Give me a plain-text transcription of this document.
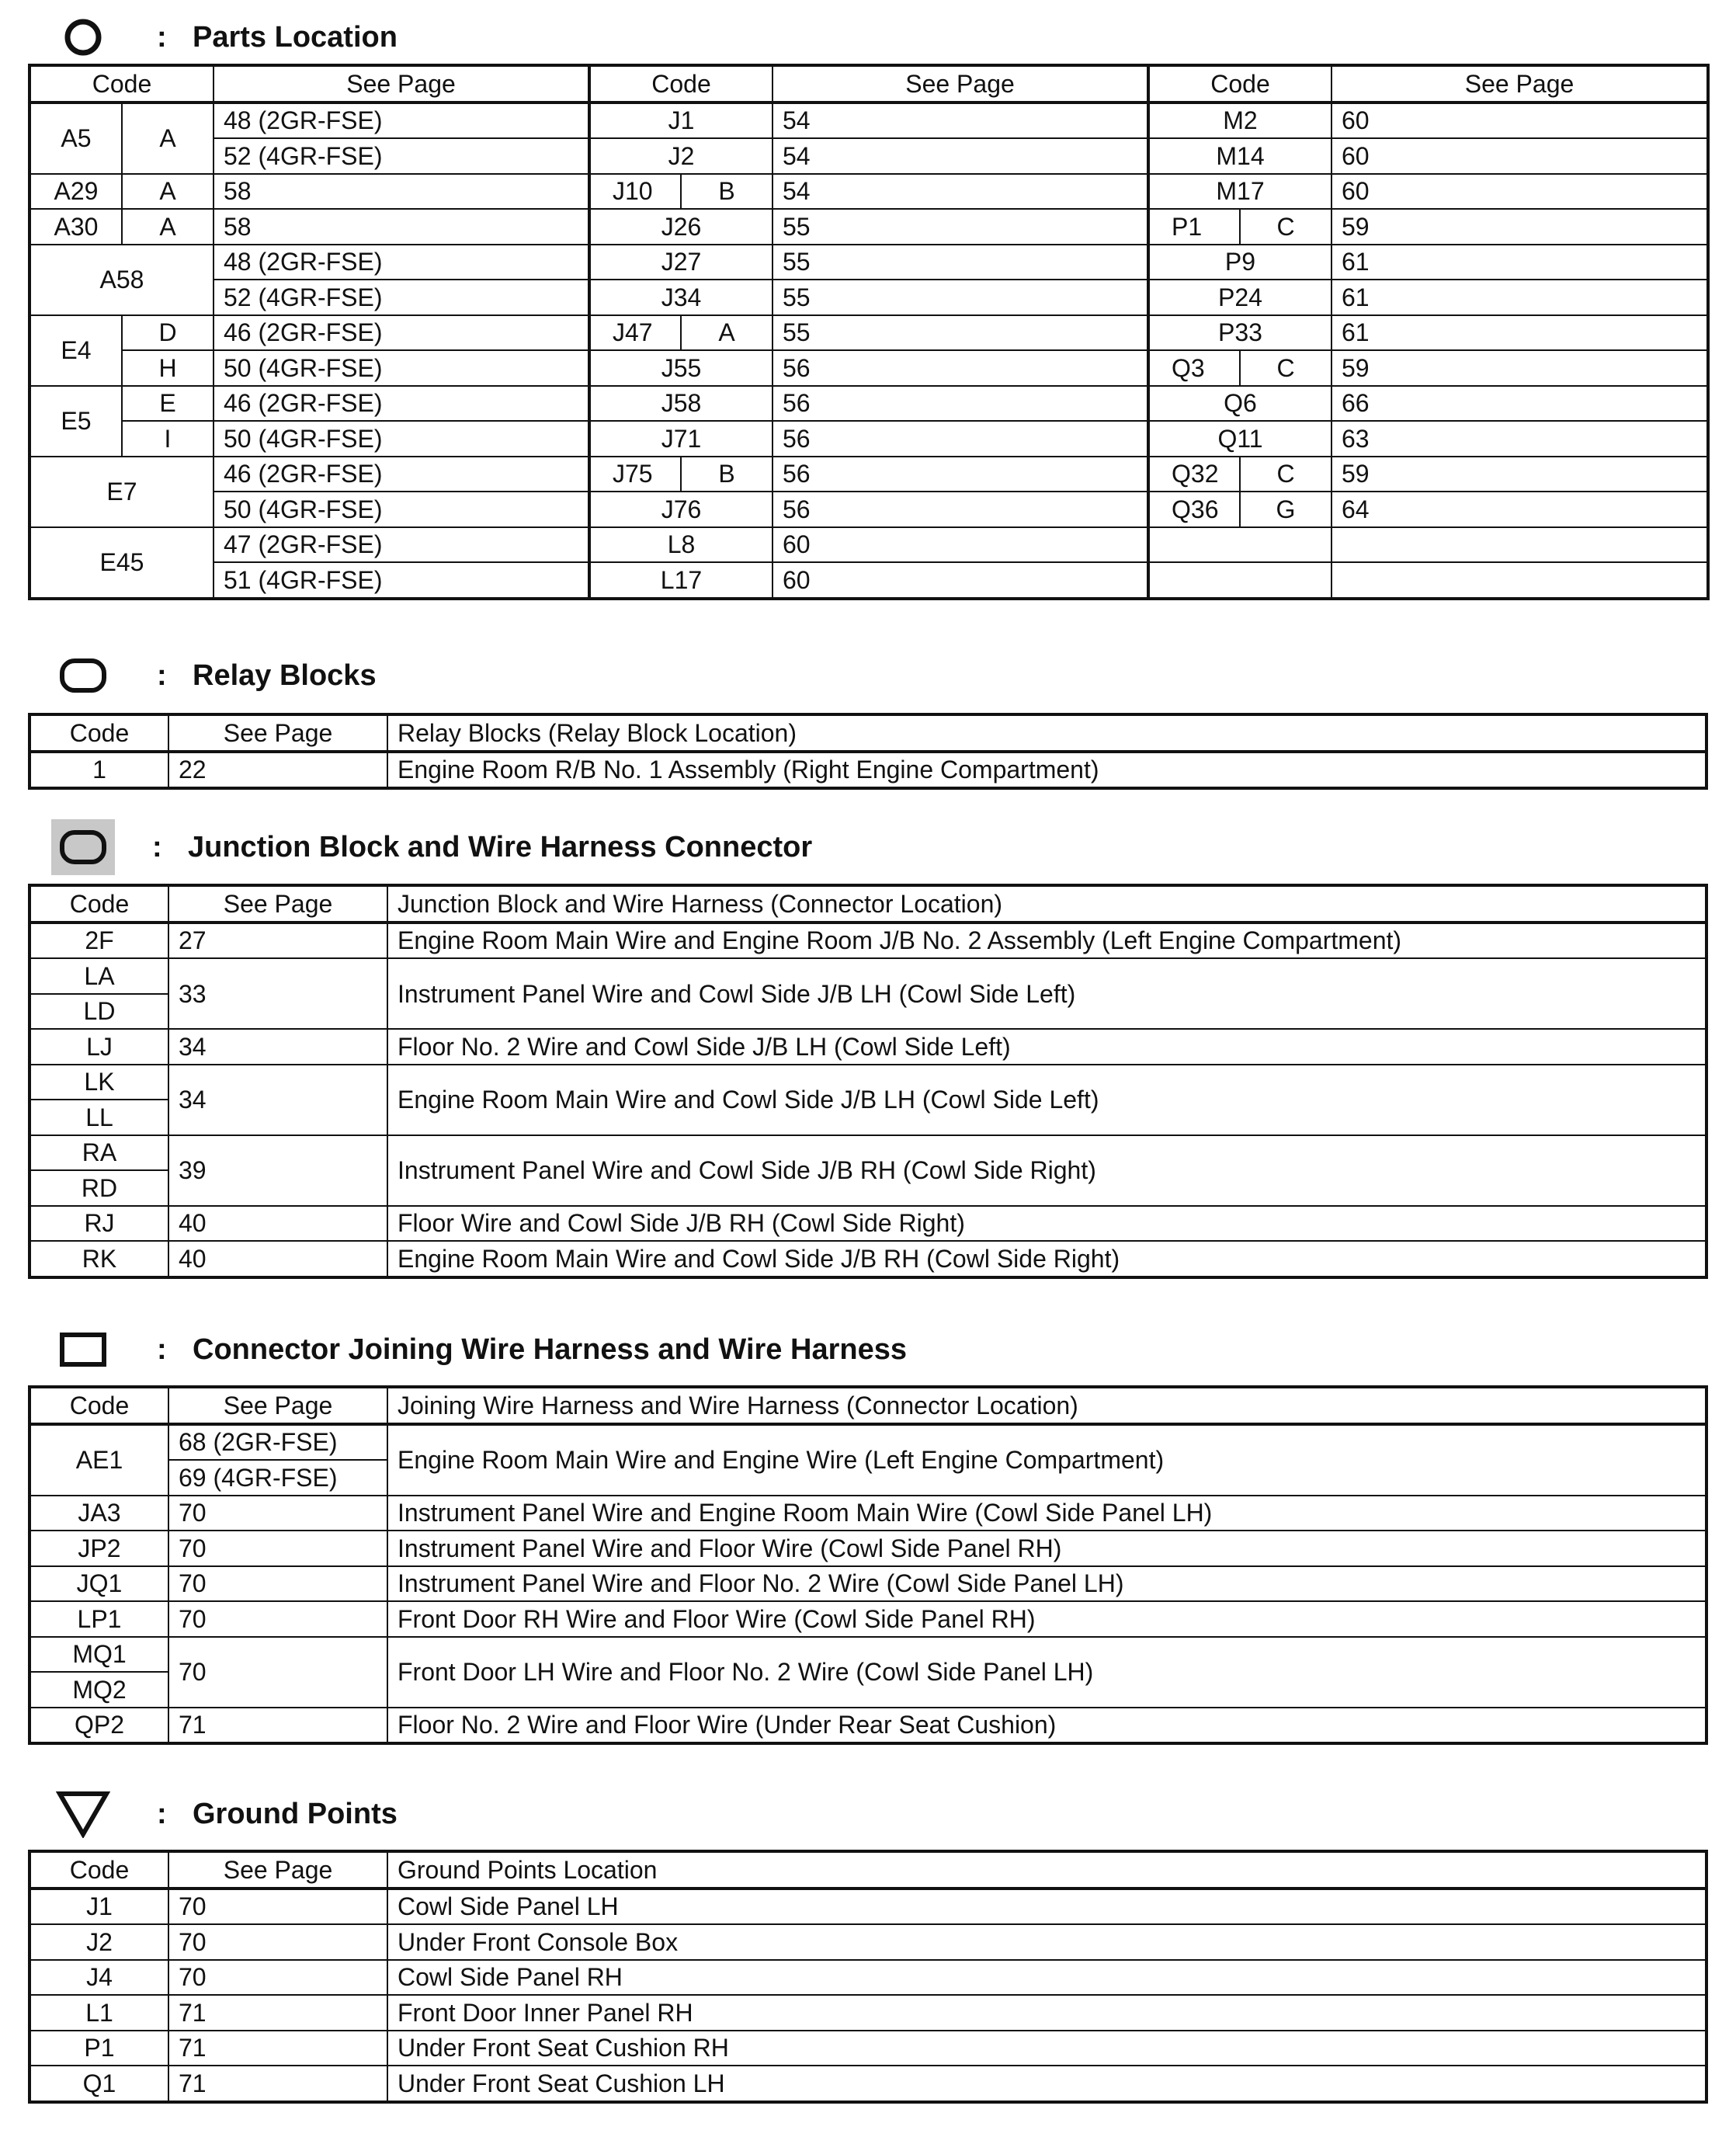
: Parts Location
Code		See Page	Code		See Page	Code		See Page
A5	A	48 (2GR-FSE)	J1		54	M2		60
		52 (4GR-FSE)	J2		54	M14		60
A29	A	58	J10	B	54	M17		60
A30	A	58	J26		55	P1	C	59
A58		48 (2GR-FSE)	J27		55	P9		61
		52 (4GR-FSE)	J34		55	P24		61
E4	D	46 (2GR-FSE)	J47	A	55	P33		61
	H	50 (4GR-FSE)	J55		56	Q3	C	59
E5	E	46 (2GR-FSE)	J58		56	Q6		66
	I	50 (4GR-FSE)	J71		56	Q11		63
E7		46 (2GR-FSE)	J75	B	56	Q32	C	59
		50 (4GR-FSE)	J76		56	Q36	G	64
E45		47 (2GR-FSE)	L8		60			
		51 (4GR-FSE)	L17		60			
: Relay Blocks
Code	See Page	Relay Blocks (Relay Block Location)
1	22	Engine Room R/B No. 1 Assembly (Right Engine Compartment)
: Junction Block and Wire Harness Connector
Code	See Page	Junction Block and Wire Harness (Connector Location)
2F	27	Engine Room Main Wire and Engine Room J/B No. 2 Assembly (Left Engine Compartment)
LA	33	Instrument Panel Wire and Cowl Side J/B LH (Cowl Side Left)
LD		
LJ	34	Floor No. 2 Wire and Cowl Side J/B LH (Cowl Side Left)
LK	34	Engine Room Main Wire and Cowl Side J/B LH (Cowl Side Left)
LL		
RA	39	Instrument Panel Wire and Cowl Side J/B RH (Cowl Side Right)
RD		
RJ	40	Floor Wire and Cowl Side J/B RH (Cowl Side Right)
RK	40	Engine Room Main Wire and Cowl Side J/B RH (Cowl Side Right)
: Connector Joining Wire Harness and Wire Harness
Code	See Page	Joining Wire Harness and Wire Harness (Connector Location)
AE1	68 (2GR-FSE)	Engine Room Main Wire and Engine Wire (Left Engine Compartment)
	69 (4GR-FSE)	
JA3	70	Instrument Panel Wire and Engine Room Main Wire (Cowl Side Panel LH)
JP2	70	Instrument Panel Wire and Floor Wire (Cowl Side Panel RH)
JQ1	70	Instrument Panel Wire and Floor No. 2 Wire (Cowl Side Panel LH)
LP1	70	Front Door RH Wire and Floor Wire (Cowl Side Panel RH)
MQ1	70	Front Door LH Wire and Floor No. 2 Wire (Cowl Side Panel LH)
MQ2		
QP2	71	Floor No. 2 Wire and Floor Wire (Under Rear Seat Cushion)
: Ground Points
Code	See Page	Ground Points Location
J1	70	Cowl Side Panel LH
J2	70	Under Front Console Box
J4	70	Cowl Side Panel RH
L1	71	Front Door Inner Panel RH
P1	71	Under Front Seat Cushion RH
Q1	71	Under Front Seat Cushion LH
